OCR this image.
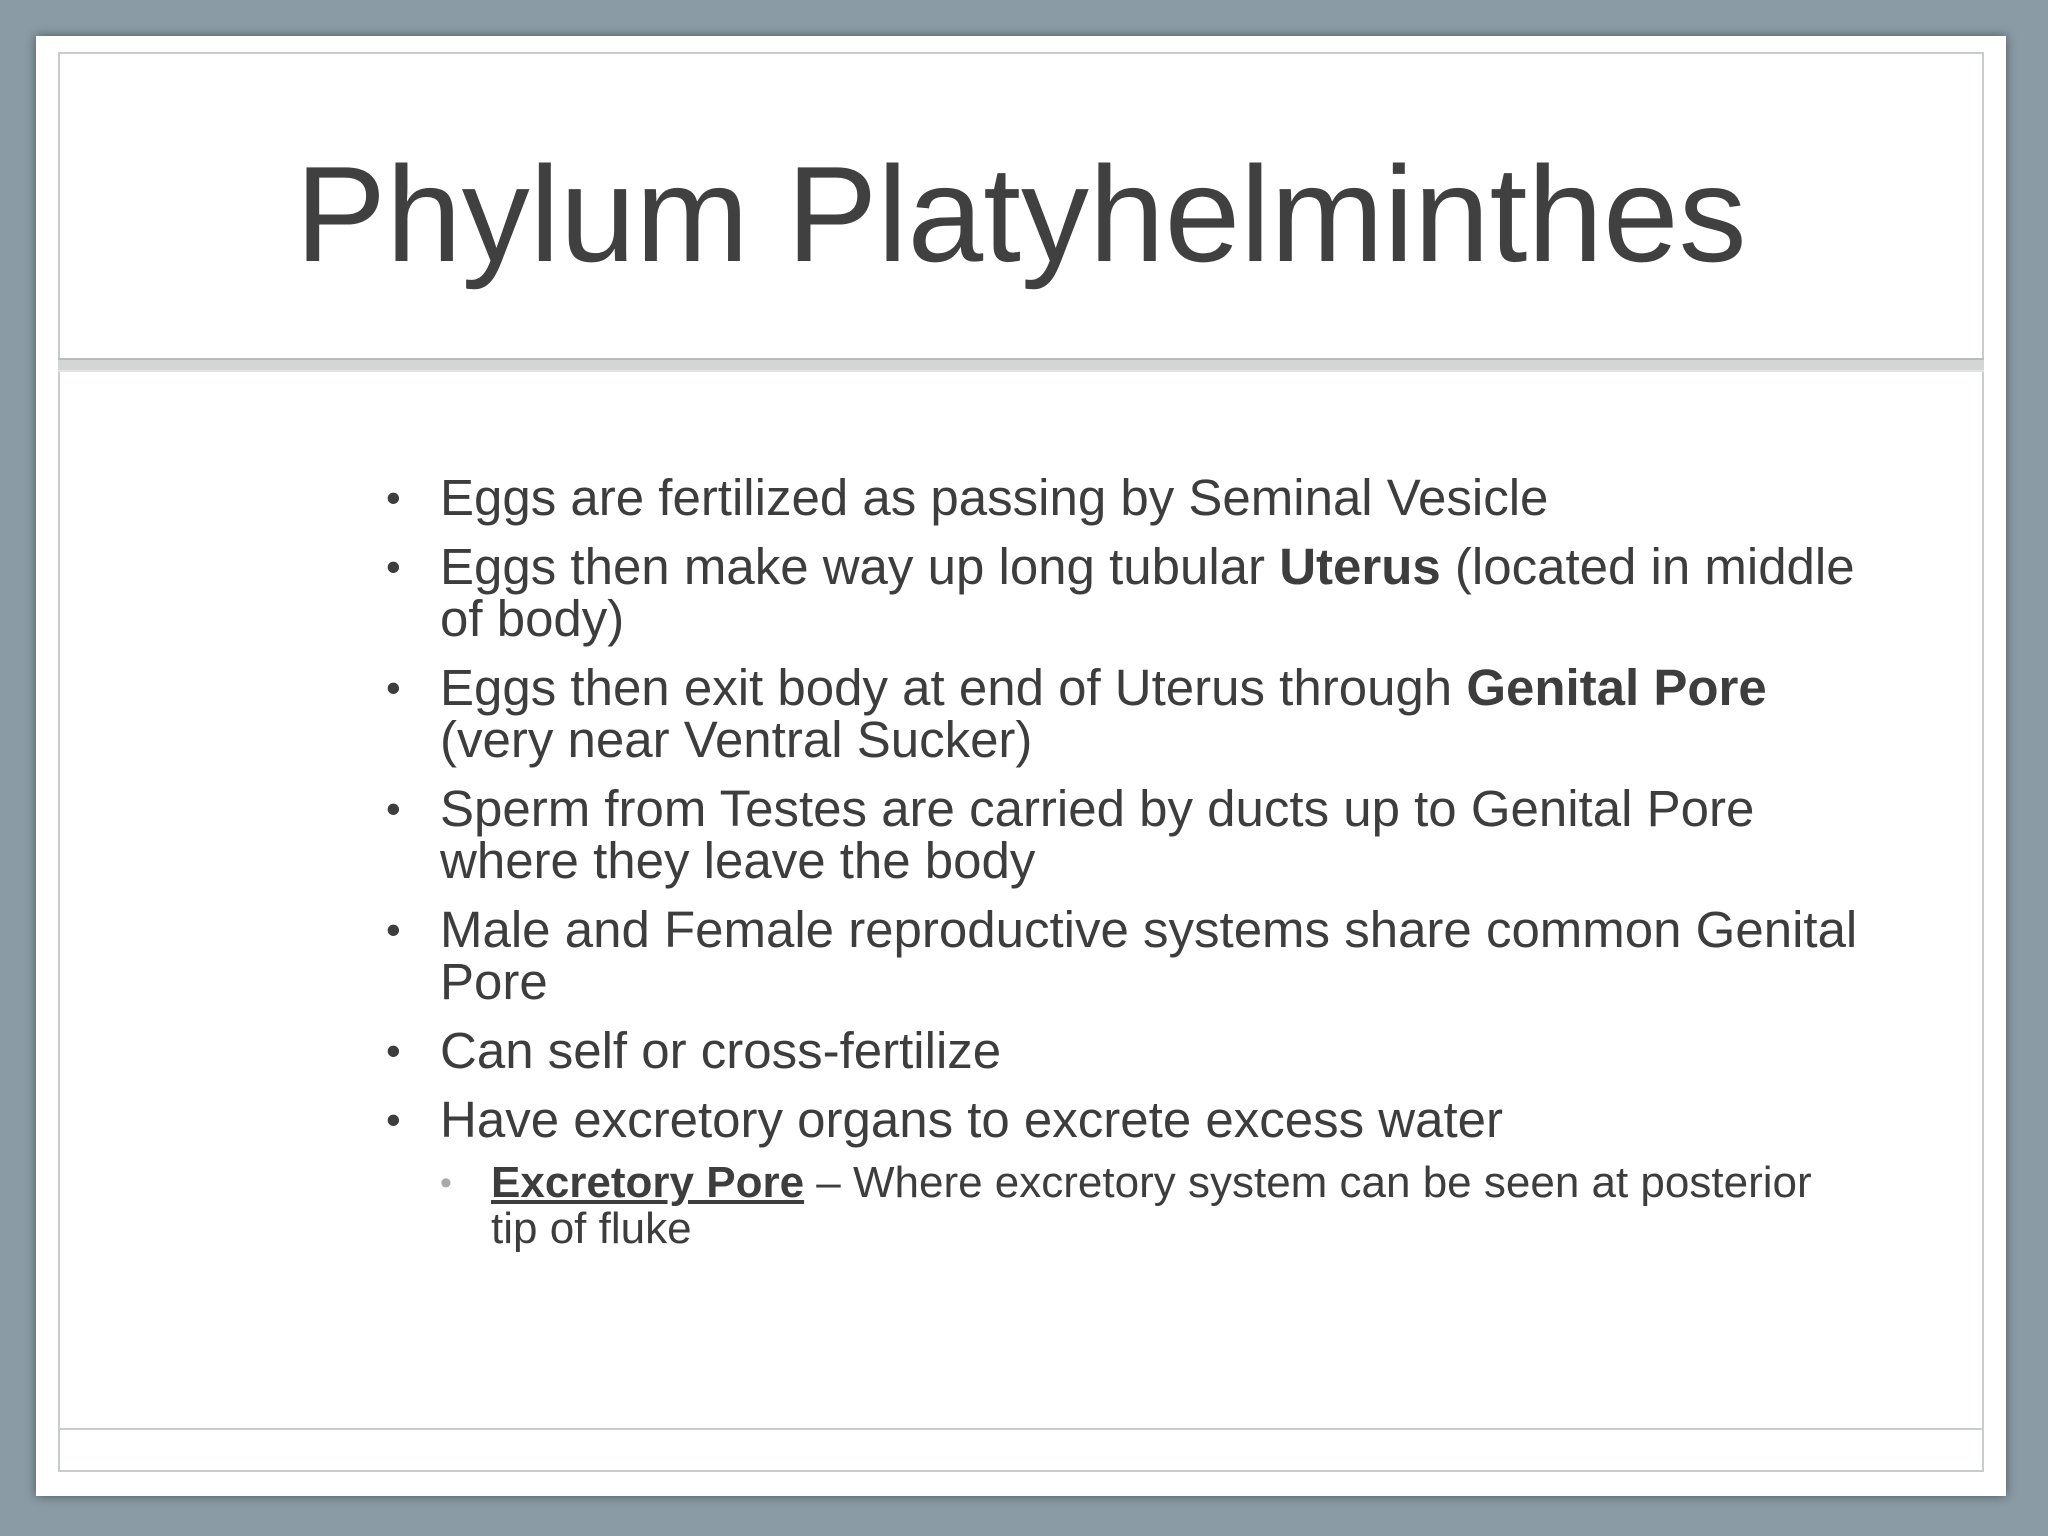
Phylum Platyhelminthes
• Eggs are fertilized as passing by Seminal Vesicle
• Eggs then make way up long tubular Uterus (located in middle of body)
• Eggs then exit body at end of Uterus through Genital Pore (very near Ventral Sucker)
• Sperm from Testes are carried by ducts up to Genital Pore where they leave the body
• Male and Female reproductive systems share common Genital Pore
• Can self or cross-fertilize
• Have excretory organs to excrete excess water
• Excretory Pore – Where excretory system can be seen at posterior tip of fluke
